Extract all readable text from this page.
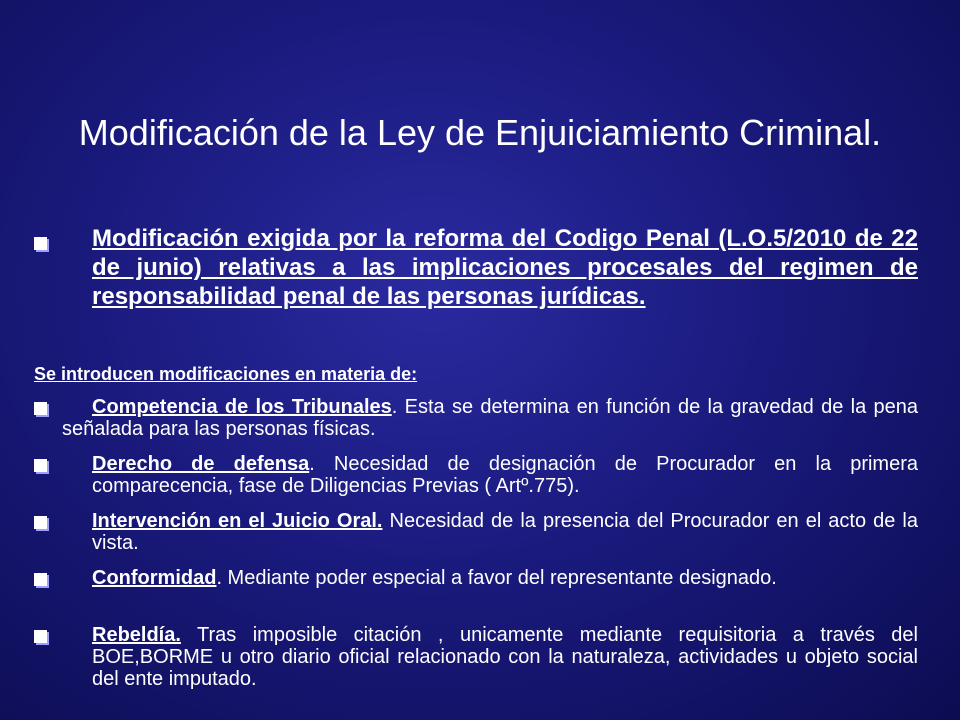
Modificación de la Ley de Enjuiciamiento Criminal.
Modificación exigida por la reforma del Codigo Penal (L.O.5/2010 de 22 de junio) relativas a las implicaciones procesales del regimen de responsabilidad penal de las personas jurídicas.
Se introducen modificaciones en materia de:
Competencia de los Tribunales. Esta se determina en función de la gravedad de la pena señalada para las personas físicas.
Derecho de defensa. Necesidad de designación de Procurador en la primera comparecencia, fase de Diligencias Previas ( Artº.775).
Intervención en el Juicio Oral. Necesidad de la presencia del Procurador en el acto de la vista.
Conformidad. Mediante poder especial a favor del representante designado.
Rebeldía. Tras imposible citación , unicamente mediante requisitoria a través del BOE,BORME u otro diario oficial relacionado con la naturaleza, actividades u objeto social del ente imputado.
